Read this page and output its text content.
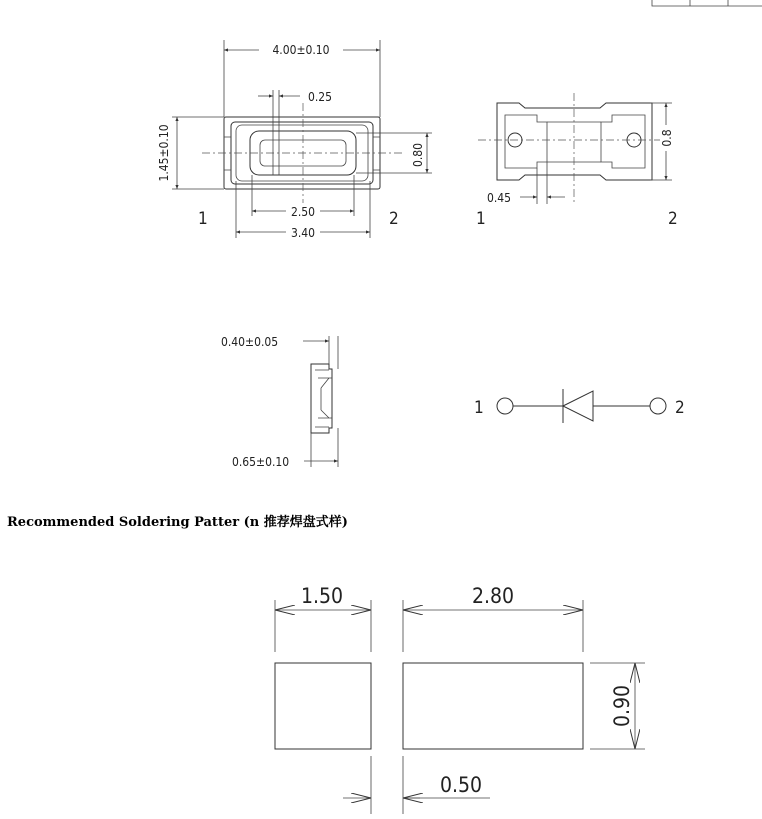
4.00±0.10
0.25
1.45±0.10	0.80
2.50
3.40
1	2
0.8
0.45
1	2
0.40±0.05
0.65±0.10
1	2
1.50	2.80
0.90
0.50
Recommended Soldering Patter (n 推荐焊盘式样)
